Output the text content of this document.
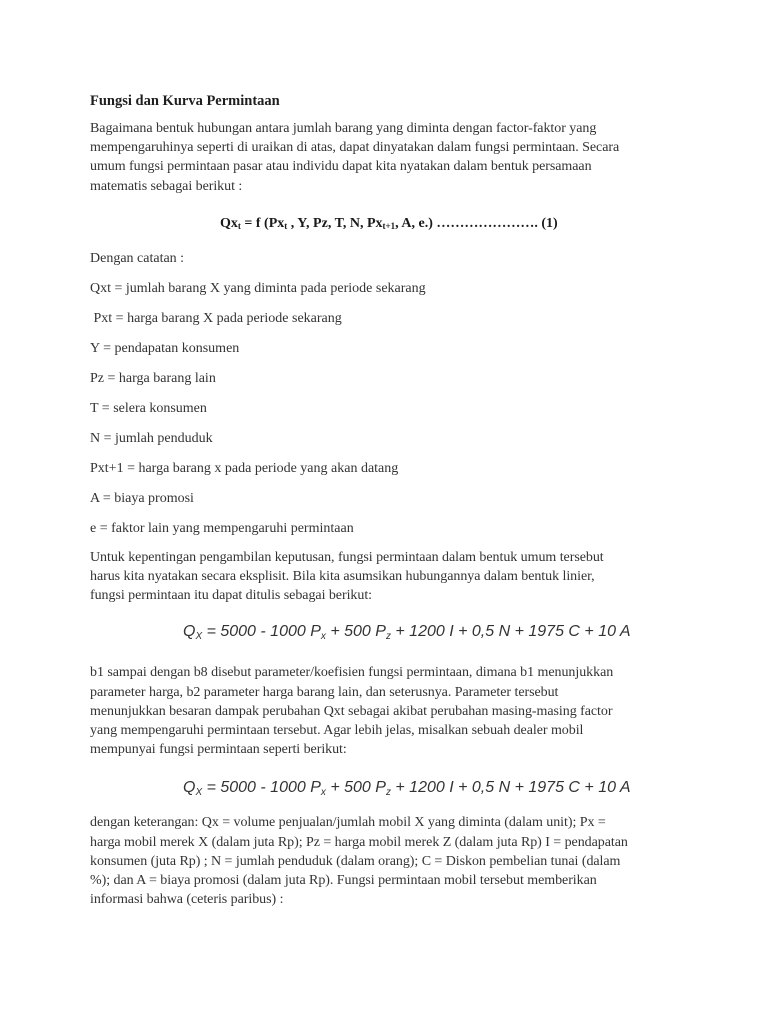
Fungsi dan Kurva Permintaan

Bagaimana bentuk hubungan antara jumlah barang yang diminta dengan factor-faktor yang
mempengaruhinya seperti di uraikan di atas, dapat dinyatakan dalam fungsi permintaan. Secara
umum fungsi permintaan pasar atau individu dapat kita nyatakan dalam bentuk persamaan
matematis sebagai berikut :

$Qx_t = f$ ($Px_t$ , Y, Pz, T, N, $Px_{t+1}$, A, e.) …………………. (1)
Dengan catatan :
Qxt = jumlah barang X yang diminta pada periode sekarang
Pxt = harga barang X pada periode sekarang
Y = pendapatan konsumen
Pz = harga barang lain
T = selera konsumen
N = jumlah penduduk
Pxt+1 = harga barang x pada periode yang akan datang
A = biaya promosi
e = faktor lain yang mempengaruhi permintaan

Untuk kepentingan pengambilan keputusan, fungsi permintaan dalam bentuk umum tersebut
harus kita nyatakan secara eksplisit. Bila kita asumsikan hubungannya dalam bentuk linier,
fungsi permintaan itu dapat ditulis sebagai berikut:

$Q_X = 5000 - 1000$ $P_x + 500$ $P_z + 1200$ I + 0,5 N + 1975 C + 10 A

b1 sampai dengan b8 disebut parameter/koefisien fungsi permintaan, dimana b1 menunjukkan
parameter harga, b2 parameter harga barang lain, dan seterusnya. Parameter tersebut
menunjukkan besaran dampak perubahan Qxt sebagai akibat perubahan masing-masing factor
yang mempengaruhi permintaan tersebut. Agar lebih jelas, misalkan sebuah dealer mobil
mempunyai fungsi permintaan seperti berikut:

$Q_X = 5000 - 1000$ $P_x + 500$ $P_z + 1200$ I + 0,5 N + 1975 C + 10 A

dengan keterangan: Qx = volume penjualan/jumlah mobil X yang diminta (dalam unit); Px =
harga mobil merek X (dalam juta Rp); Pz = harga mobil merek Z (dalam juta Rp) I = pendapatan
konsumen (juta Rp) ; N = jumlah penduduk (dalam orang); C = Diskon pembelian tunai (dalam
%); dan A = biaya promosi (dalam juta Rp). Fungsi permintaan mobil tersebut memberikan
informasi bahwa (ceteris paribus) :
